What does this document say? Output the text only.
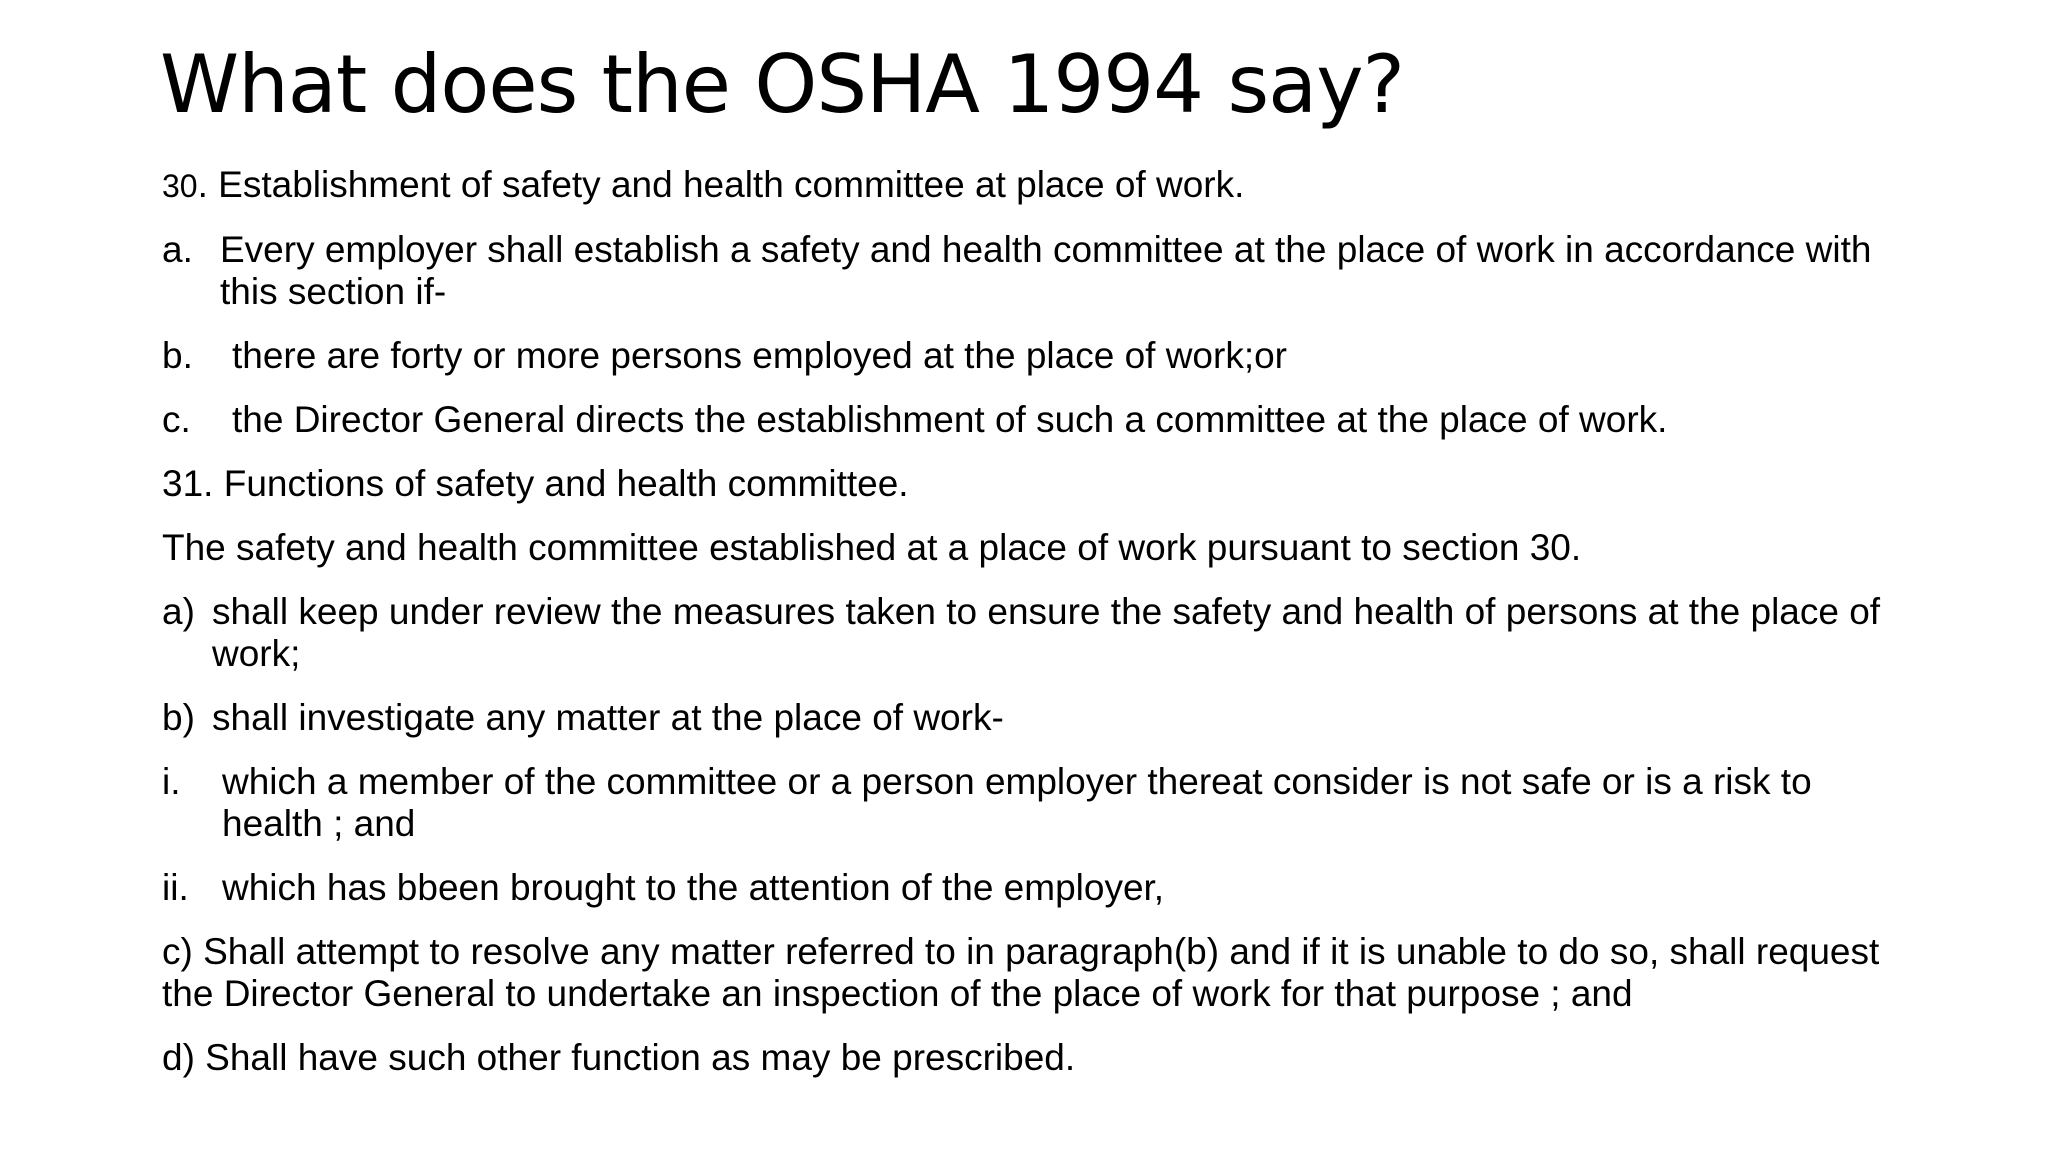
What does the OSHA 1994 say?
30. Establishment of safety and health committee at place of work.
a. Every employer shall establish a safety and health committee at the place of work in accordance with this section if-
b.	there are forty or more persons employed at the place of work;or
c.	the Director General directs the establishment of such a committee at the place of work.
31. Functions of safety and health committee.
The safety and health committee established at a place of work pursuant to section 30.
a) shall keep under review the measures taken to ensure the safety and health of persons at the place of work;
b) shall investigate any matter at the place of work-
i.	which a member of the committee or a person employer thereat consider is not safe or is a risk to health ; and
ii. which has bbeen brought to the attention of the employer,
c) Shall attempt to resolve any matter referred to in paragraph(b) and if it is unable to do so, shall request the Director General to undertake an inspection of the place of work for that purpose ; and
d) Shall have such other function as may be prescribed.
